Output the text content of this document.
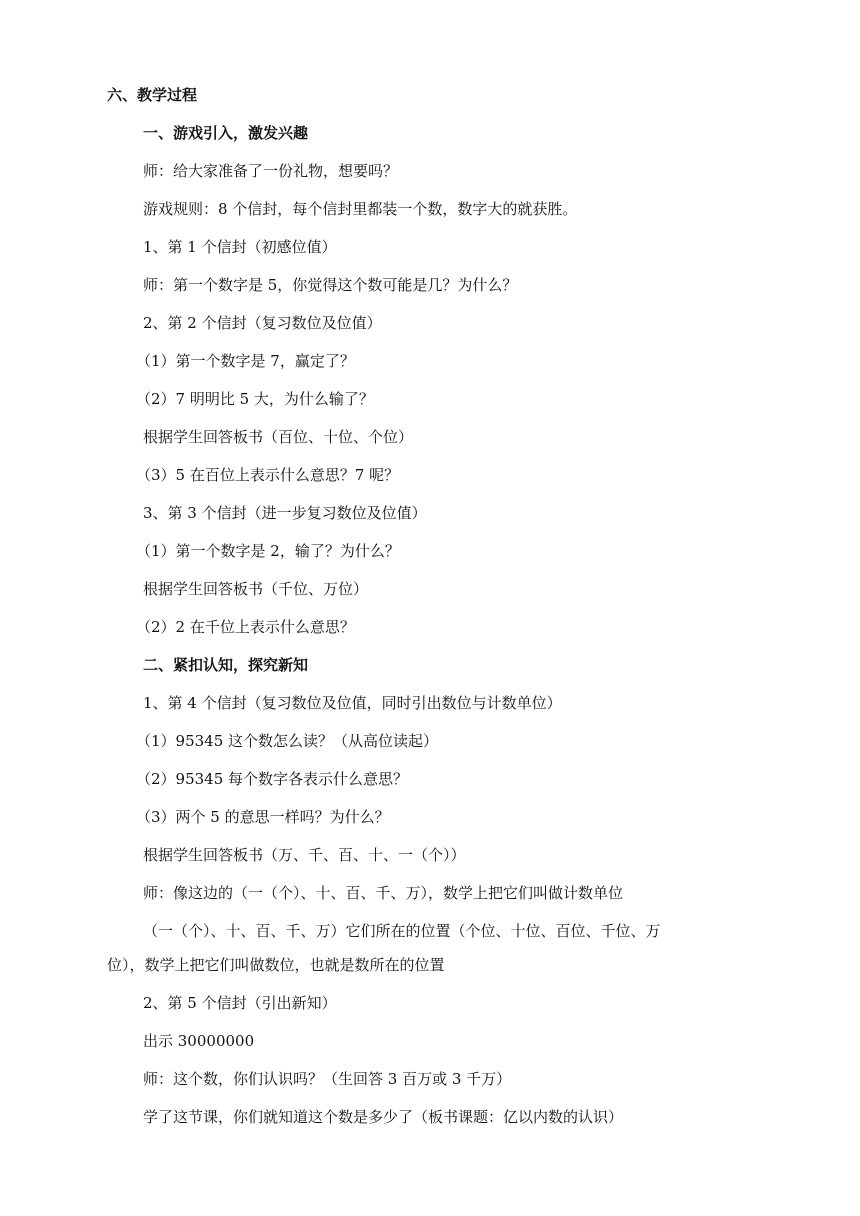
六、教学过程
一、游戏引入，激发兴趣
师：给大家准备了一份礼物，想要吗？
游戏规则：8 个信封，每个信封里都装一个数，数字大的就获胜。
1、第 1 个信封（初感位值）
师：第一个数字是 5，你觉得这个数可能是几？为什么？
2、第 2 个信封（复习数位及位值）
（1）第一个数字是 7，赢定了？
（2）7 明明比 5 大，为什么输了？
根据学生回答板书（百位、十位、个位）
（3）5 在百位上表示什么意思？7 呢？
3、第 3 个信封（进一步复习数位及位值）
（1）第一个数字是 2，输了？为什么？
根据学生回答板书（千位、万位）
（2）2 在千位上表示什么意思？
二、紧扣认知，探究新知
1、第 4 个信封（复习数位及位值，同时引出数位与计数单位）
（1）95345 这个数怎么读？（从高位读起）
（2）95345 每个数字各表示什么意思？
（3）两个 5 的意思一样吗？为什么？
根据学生回答板书（万、千、百、十、一（个））
师：像这边的（一（个）、十、百、千、万），数学上把它们叫做计数单位
（一（个）、十、百、千、万）它们所在的位置（个位、十位、百位、千位、万
位），数学上把它们叫做数位，也就是数所在的位置
2、第 5 个信封（引出新知）
出示 30000000
师：这个数，你们认识吗？（生回答 3 百万或 3 千万）
学了这节课，你们就知道这个数是多少了（板书课题：亿以内数的认识）
